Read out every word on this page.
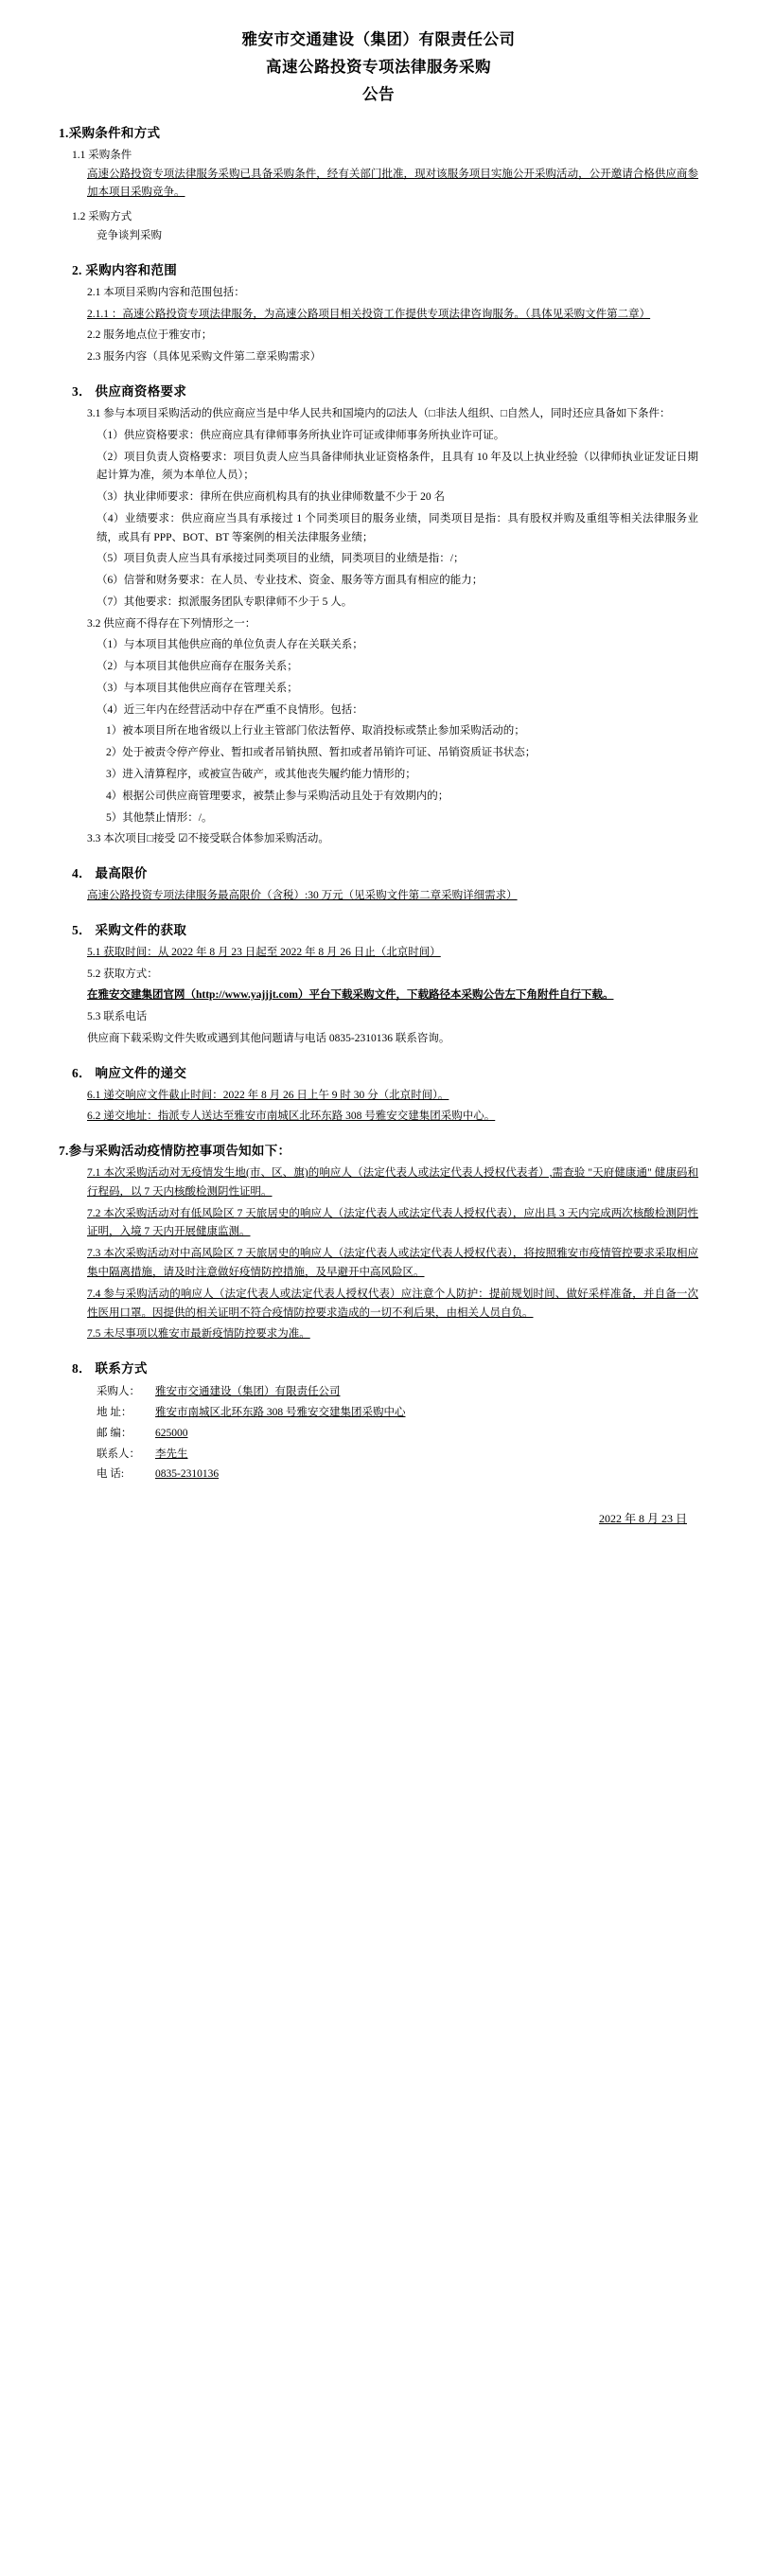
雅安市交通建设（集团）有限责任公司
高速公路投资专项法律服务采购
公告
1.采购条件和方式
1.1 采购条件
高速公路投资专项法律服务采购已具备采购条件，经有关部门批准，现对该服务项目实施公开采购活动，公开邀请合格供应商参加本项目采购竞争。
1.2 采购方式
竞争谈判采购
2. 采购内容和范围
2.1 本项目采购内容和范围包括：
2.1.1 ：高速公路投资专项法律服务，为高速公路项目相关投资工作提供专项法律咨询服务。（具体见采购文件第二章）
2.2 服务地点位于雅安市；
2.3 服务内容（具体见采购文件第二章采购需求）
3． 供应商资格要求
3.1 参与本项目采购活动的供应商应当是中华人民共和国境内的☑法人（□非法人组织、□自然人，同时还应具备如下条件：
（1）供应资格要求：供应商应具有律师事务所执业许可证或律师事务所执业许可证。
（2）项目负责人资格要求：项目负责人应当具备律师执业证资格条件，且具有 10 年及以上执业经验（以律师执业证发证日期起计算为准，须为本单位人员）；
（3）执业律师要求：律所在供应商机构具有的执业律师数量不少于 20 名
（4）业绩要求：供应商应当具有承接过 1 个同类项目的服务业绩，同类项目是指：具有股权并购及重组等相关法律服务业绩，或具有 PPP、BOT、BT 等案例的相关法律服务业绩；
（5）项目负责人应当具有承接过同类项目的业绩，同类项目的业绩是指：/；
（6）信誉和财务要求：在人员、专业技术、资金、服务等方面具有相应的能力；
（7）其他要求：拟派服务团队专职律师不少于 5 人。
3.2 供应商不得存在下列情形之一：
（1）与本项目其他供应商的单位负责人存在关联关系；
（2）与本项目其他供应商存在服务关系；
（3）与本项目其他供应商存在管理关系；
（4）近三年内在经营活动中存在严重不良情形。包括：
1）被本项目所在地省级以上行业主管部门依法暂停、取消投标或禁止参加采购活动的；
2）处于被责令停产停业、暂扣或者吊销执照、暂扣或者吊销许可证、吊销资质证书状态；
3）进入清算程序，或被宣告破产，或其他丧失履约能力情形的；
4）根据公司供应商管理要求，被禁止参与采购活动且处于有效期内的；
5）其他禁止情形：/。
3.3 本次项目□接受 ☑不接受联合体参加采购活动。
4． 最高限价
高速公路投资专项法律服务最高限价（含税）:30 万元（见采购文件第二章采购详细需求）
5． 采购文件的获取
5.1 获取时间：从 2022 年 8 月 23 日起至 2022 年 8 月 26 日止（北京时间）
5.2 获取方式：
在雅安交建集团官网（http://www.yajjjt.com）平台下载采购文件，下载路径本采购公告左下角附件自行下载。
5.3 联系电话
供应商下载采购文件失败或遇到其他问题请与电话 0835-2310136 联系咨询。
6． 响应文件的递交
6.1 递交响应文件截止时间：2022 年 8 月 26 日上午 9 时 30 分（北京时间）。
6.2 递交地址：指派专人送达至雅安市南城区北环东路 308 号雅安交建集团采购中心。
7.参与采购活动疫情防控事项告知如下：
7.1 本次采购活动对无疫情发生地(市、区、旗)的响应人（法定代表人或法定代表人授权代表者）,需查验 "天府健康通" 健康码和行程码，以 7 天内核酸检测阴性证明。
7.2 本次采购活动对有低风险区 7 天旅居史的响应人（法定代表人或法定代表人授权代表），应出具 3 天内完成两次核酸检测阴性证明，入境 7 天内开展健康监测。
7.3 本次采购活动对中高风险区 7 天旅居史的响应人（法定代表人或法定代表人授权代表），将按照雅安市疫情管控要求采取相应集中隔离措施，请及时注意做好疫情防控措施，及早避开中高风险区。
7.4 参与采购活动的响应人（法定代表人或法定代表人授权代表）应注意个人防护：提前规划时间、做好采样准备，并自备一次性医用口罩。因提供的相关证明不符合疫情防控要求造成的一切不利后果，由相关人员自负。
7.5 未尽事项以雅安市最新疫情防控要求为准。
8． 联系方式
采购人： 雅安市交通建设（集团）有限责任公司
地 址： 雅安市南城区北环东路 308 号雅安交建集团采购中心
邮 编： 625000
联系人： 李先生
电 话:	0835-2310136
2022 年 8 月 23 日
